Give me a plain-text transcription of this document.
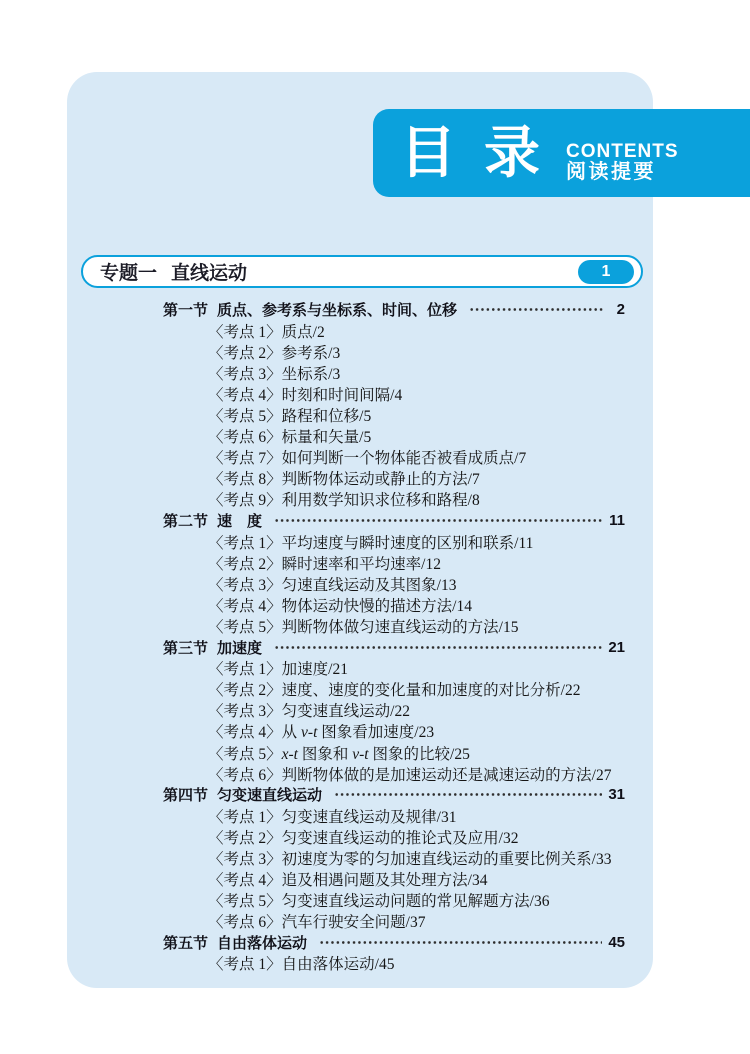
目录
CONTENTS
阅读提要
专题一 直线运动	1
第一节 质点、参考系与坐标系、时间、位移	2
〈考点 1〉质点/2
〈考点 2〉参考系/3
〈考点 3〉坐标系/3
〈考点 4〉时刻和时间间隔/4
〈考点 5〉路程和位移/5
〈考点 6〉标量和矢量/5
〈考点 7〉如何判断一个物体能否被看成质点/7
〈考点 8〉判断物体运动或静止的方法/7
〈考点 9〉利用数学知识求位移和路程/8
第二节 速　度	11
〈考点 1〉平均速度与瞬时速度的区别和联系/11
〈考点 2〉瞬时速率和平均速率/12
〈考点 3〉匀速直线运动及其图象/13
〈考点 4〉物体运动快慢的描述方法/14
〈考点 5〉判断物体做匀速直线运动的方法/15
第三节 加速度	21
〈考点 1〉加速度/21
〈考点 2〉速度、速度的变化量和加速度的对比分析/22
〈考点 3〉匀变速直线运动/22
〈考点 4〉从 v-t 图象看加速度/23
〈考点 5〉x-t 图象和 v-t 图象的比较/25
〈考点 6〉判断物体做的是加速运动还是减速运动的方法/27
第四节 匀变速直线运动	31
〈考点 1〉匀变速直线运动及规律/31
〈考点 2〉匀变速直线运动的推论式及应用/32
〈考点 3〉初速度为零的匀加速直线运动的重要比例关系/33
〈考点 4〉追及相遇问题及其处理方法/34
〈考点 5〉匀变速直线运动问题的常见解题方法/36
〈考点 6〉汽车行驶安全问题/37
第五节 自由落体运动	45
〈考点 1〉自由落体运动/45
